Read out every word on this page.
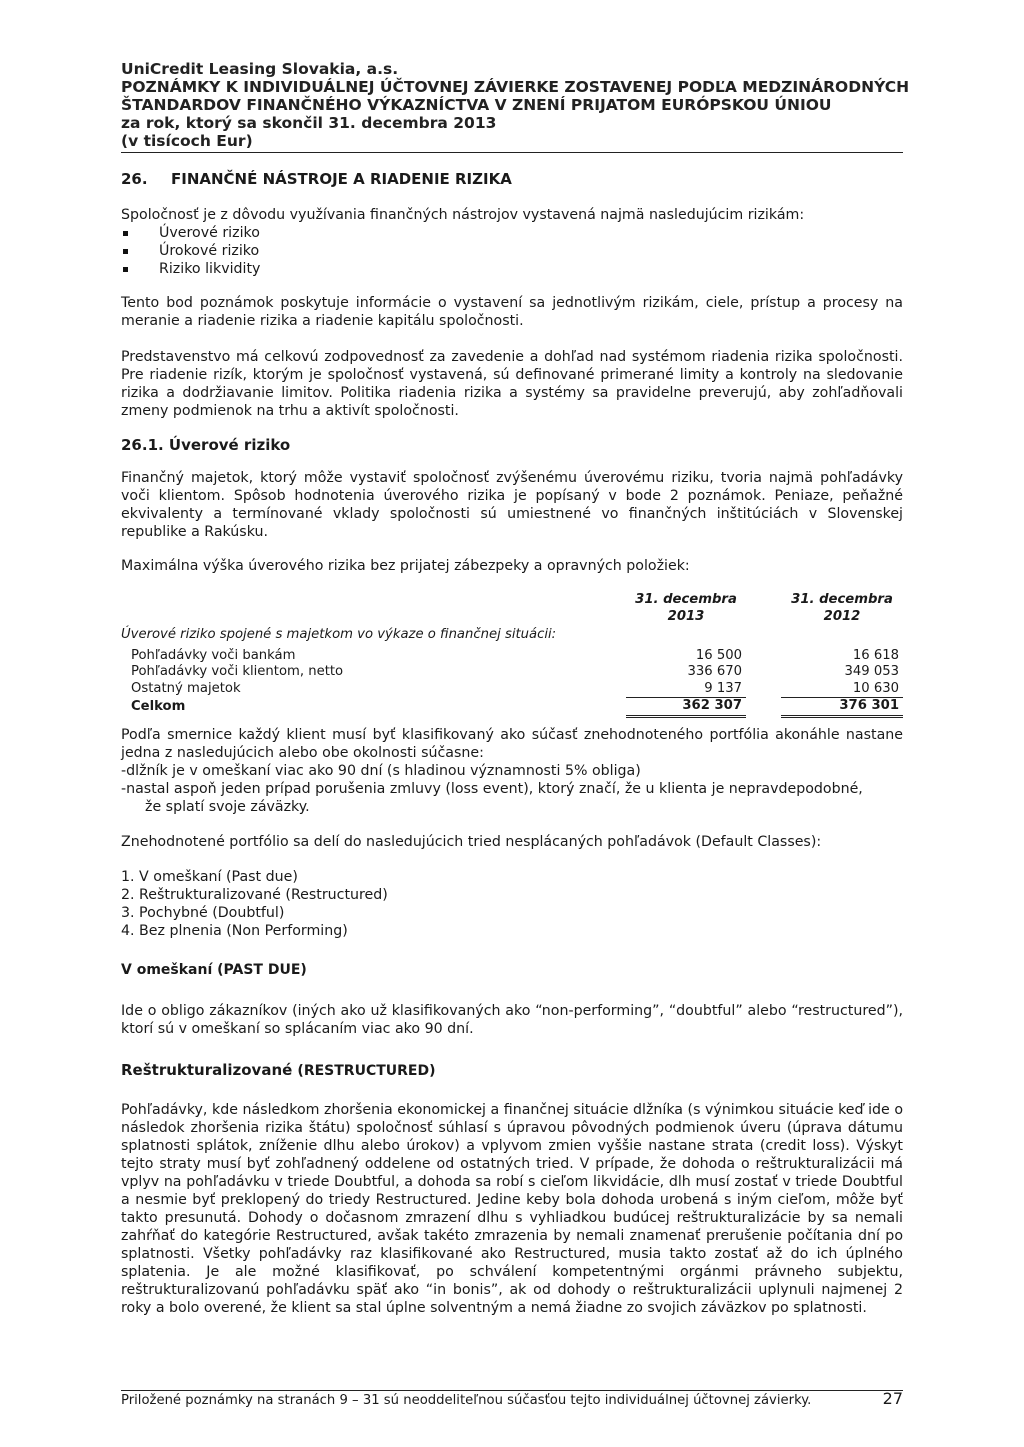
UniCredit Leasing Slovakia, a.s.
POZNÁMKY K INDIVIDUÁLNEJ ÚČTOVNEJ ZÁVIERKE ZOSTAVENEJ PODĽA MEDZINÁRODNÝCH
ŠTANDARDOV FINANČNÉHO VÝKAZNÍCTVA V ZNENÍ PRIJATOM EURÓPSKOU ÚNIOU
za rok, ktorý sa skončil 31. decembra 2013
(v tisícoch Eur)
26.	FINANČNÉ NÁSTROJE A RIADENIE RIZIKA

Spoločnosť je z dôvodu využívania finančných nástrojov vystavená najmä nasledujúcim rizikám:

Úverové riziko
Úrokové riziko
Riziko likvidity

Tento bod poznámok poskytuje informácie o vystavení sa jednotlivým rizikám, ciele, prístup a procesy na meranie a riadenie rizika a riadenie kapitálu spoločnosti.

Predstavenstvo má celkovú zodpovednosť za zavedenie a dohľad nad systémom riadenia rizika spoločnosti. Pre riadenie rizík, ktorým je spoločnosť vystavená, sú definované primerané limity a kontroly na sledovanie rizika a dodržiavanie limitov. Politika riadenia rizika a systémy sa pravidelne preverujú, aby zohľadňovali zmeny podmienok na trhu a aktivít spoločnosti.

26.1. Úverové riziko

Finančný majetok, ktorý môže vystaviť spoločnosť zvýšenému úverovému riziku, tvoria najmä pohľadávky voči klientom. Spôsob hodnotenia úverového rizika je popísaný v bode 2 poznámok. Peniaze, peňažné ekvivalenty a termínované vklady spoločnosti sú umiestnené vo finančných inštitúciách v Slovenskej republike a Rakúsku.

Maximálna výška úverového rizika bez prijatej zábezpeky a opravných položiek:

	31. decembra
2013		31. decembra
2012
Úverové riziko spojené s majetkom vo výkaze o finančnej situácii:			
Pohľadávky voči bankám	16 500		16 618
Pohľadávky voči klientom, netto	336 670		349 053
Ostatný majetok	9 137		10 630
Celkom	362 307		376 301

Podľa smernice každý klient musí byť klasifikovaný ako súčasť znehodnoteného portfólia akonáhle nastane jedna z nasledujúcich alebo obe okolnosti súčasne:

-dlžník je v omeškaní viac ako 90 dní (s hladinou významnosti 5% obliga)

-nastal aspoň jeden prípad porušenia zmluvy (loss event), ktorý značí, že u klienta je nepravdepodobné,

že splatí svoje záväzky.

Znehodnotené portfólio sa delí do nasledujúcich tried nesplácaných pohľadávok (Default Classes):

1. V omeškaní (Past due)

2. Reštrukturalizované (Restructured)

3. Pochybné (Doubtful)

4. Bez plnenia (Non Performing)

V omeškaní (PAST DUE)

Ide o obligo zákazníkov (iných ako už klasifikovaných ako “non-performing”, “doubtful” alebo “restructured”), ktorí sú v omeškaní so splácaním viac ako 90 dní.

Reštrukturalizované (RESTRUCTURED)

Pohľadávky, kde následkom zhoršenia ekonomickej a finančnej situácie dlžníka (s výnimkou situácie keď ide o následok zhoršenia rizika štátu) spoločnosť súhlasí s úpravou pôvodných podmienok úveru (úprava dátumu splatnosti splátok, zníženie dlhu alebo úrokov) a vplyvom zmien vyššie nastane strata (credit loss). Výskyt tejto straty musí byť zohľadnený oddelene od ostatných tried. V prípade, že dohoda o reštrukturalizácii má vplyv na pohľadávku v triede Doubtful, a dohoda sa robí s cieľom likvidácie, dlh musí zostať v triede Doubtful a nesmie byť preklopený do triedy Restructured. Jedine keby bola dohoda urobená s iným cieľom, môže byť takto presunutá. Dohody o dočasnom zmrazení dlhu s vyhliadkou budúcej reštrukturalizácie by sa nemali zahŕňať do kategórie Restructured, avšak takéto zmrazenia by nemali znamenať prerušenie počítania dní po splatnosti. Všetky pohľadávky raz klasifikované ako Restructured, musia takto zostať až do ich úplného splatenia. Je ale možné klasifikovať, po schválení kompetentnými orgánmi právneho subjektu, reštrukturalizovanú pohľadávku späť ako “in bonis”, ak od dohody o reštrukturalizácii uplynuli najmenej 2 roky a bolo overené, že klient sa stal úplne solventným a nemá žiadne zo svojich záväzkov po splatnosti.

Priložené poznámky na stranách 9 – 31 sú neoddeliteľnou súčasťou tejto individuálnej účtovnej závierky.	27
